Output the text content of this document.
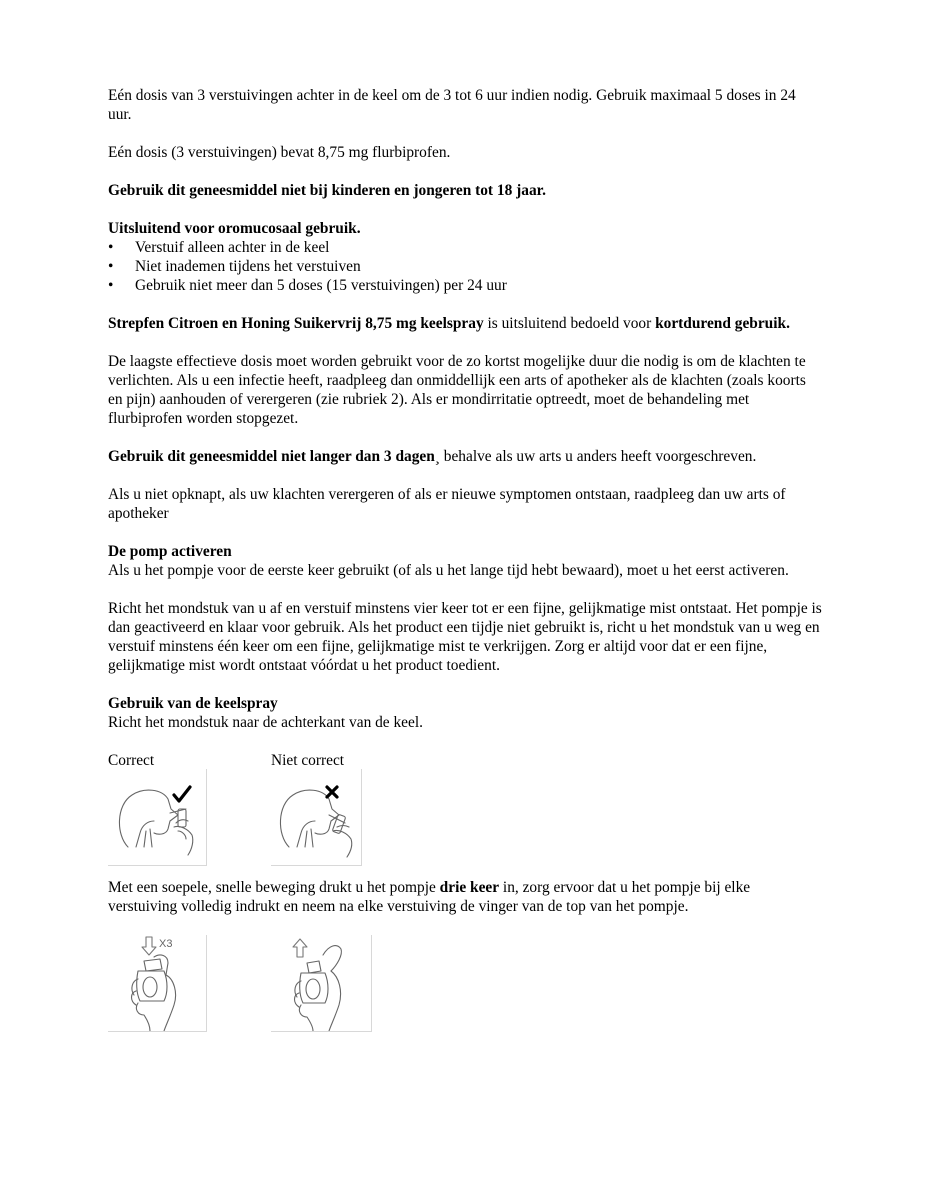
Eén dosis van 3 verstuivingen achter in de keel om de 3 tot 6 uur indien nodig. Gebruik maximaal 5 doses in 24 uur.

Eén dosis (3 verstuivingen) bevat 8,75 mg flurbiprofen.

Gebruik dit geneesmiddel niet bij kinderen en jongeren tot 18 jaar.

Uitsluitend voor oromucosaal gebruik.

• Verstuif alleen achter in de keel
• Niet inademen tijdens het verstuiven
• Gebruik niet meer dan 5 doses (15 verstuivingen) per 24 uur

Strepfen Citroen en Honing Suikervrij 8,75 mg keelspray is uitsluitend bedoeld voor kortdurend gebruik.

De laagste effectieve dosis moet worden gebruikt voor de zo kortst mogelijke duur die nodig is om de klachten te verlichten. Als u een infectie heeft, raadpleeg dan onmiddellijk een arts of apotheker als de klachten (zoals koorts en pijn) aanhouden of verergeren (zie rubriek 2). Als er mondirritatie optreedt, moet de behandeling met flurbiprofen worden stopgezet.

Gebruik dit geneesmiddel niet langer dan 3 dagen¸ behalve als uw arts u anders heeft voorgeschreven.

Als u niet opknapt, als uw klachten verergeren of als er nieuwe symptomen ontstaan, raadpleeg dan uw arts of apotheker

De pomp activeren

Als u het pompje voor de eerste keer gebruikt (of als u het lange tijd hebt bewaard), moet u het eerst activeren.

Richt het mondstuk van u af en verstuif minstens vier keer tot er een fijne, gelijkmatige mist ontstaat. Het pompje is dan geactiveerd en klaar voor gebruik. Als het product een tijdje niet gebruikt is, richt u het mondstuk van u weg en verstuif minstens één keer om een fijne, gelijkmatige mist te verkrijgen. Zorg er altijd voor dat er een fijne, gelijkmatige mist wordt ontstaat vóórdat u het product toedient.

Gebruik van de keelspray

Richt het mondstuk naar de achterkant van de keel.

Correct	Niet correct

Met een soepele, snelle beweging drukt u het pompje drie keer in, zorg ervoor dat u het pompje bij elke verstuiving volledig indrukt en neem na elke verstuiving de vinger van de top van het pompje.

X3
